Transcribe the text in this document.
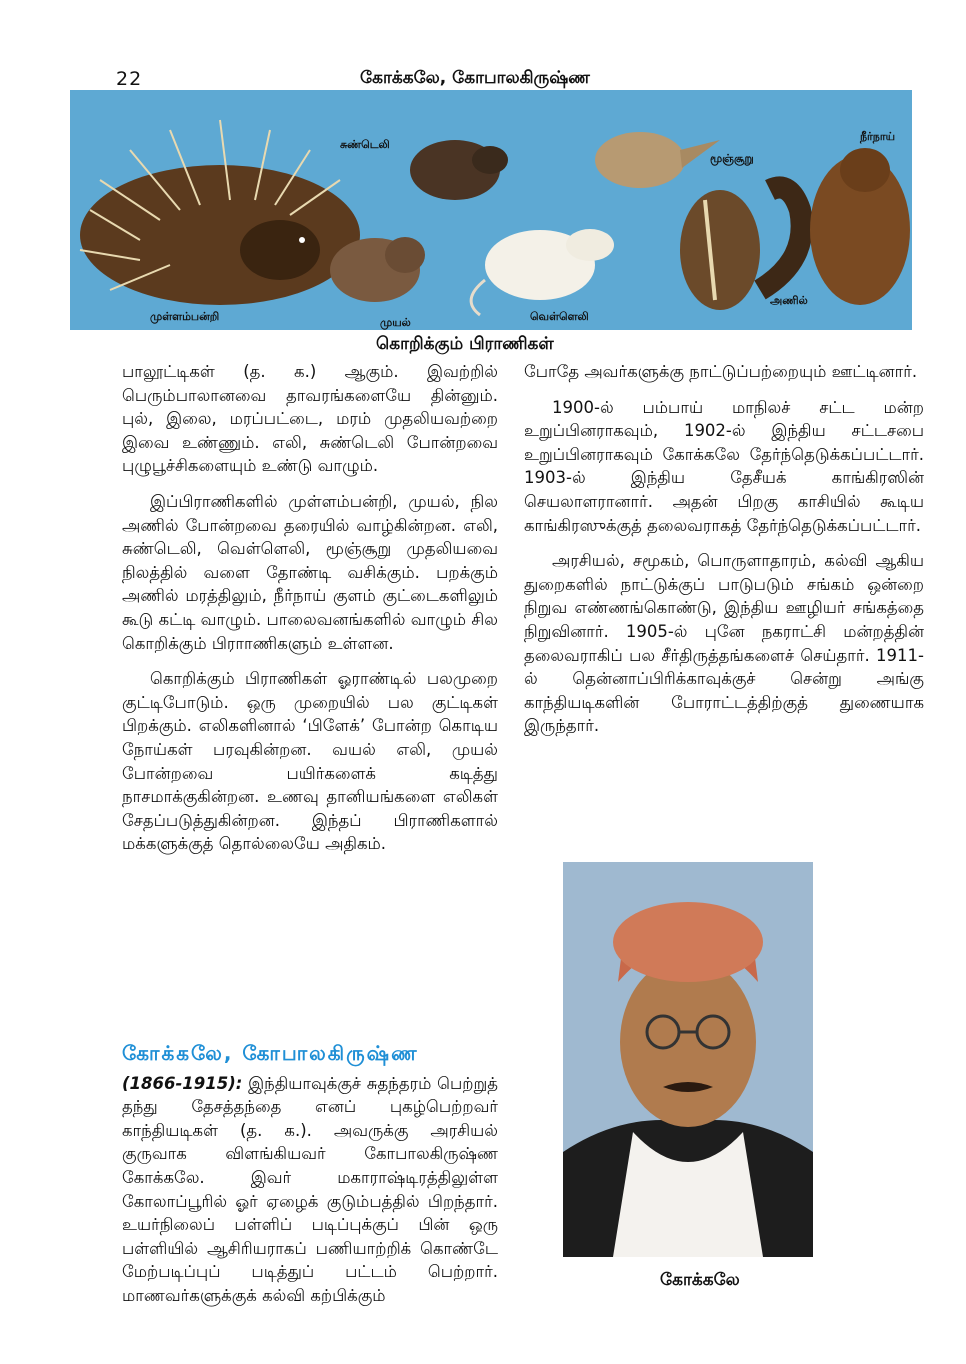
22	கோக்கலே, கோபாலகிருஷ்ண
முள்ளம்பன்றி	முயல்
சுண்டெலி
வெள்ளெலி
மூஞ்சூறு
அணில்
நீர்நாய்
கொறிக்கும் பிராணிகள்

பாலூட்டிகள் (த. க.) ஆகும். இவற்றில் பெரும்பாலானவை தாவரங்களையே தின்னும். புல், இலை, மரப்பட்டை, மரம் முதலியவற்றை இவை உண்ணும். எலி, சுண்டெலி போன்றவை புழுபூச்சிகளையும் உண்டு வாழும்.

இப்பிராணிகளில் முள்ளம்பன்றி, முயல், நில அணில் போன்றவை தரையில் வாழ்கின்றன. எலி, சுண்டெலி, வெள்ளெலி, மூஞ்சூறு முதலியவை நிலத்தில் வளை தோண்டி வசிக்கும். பறக்கும் அணில் மரத்திலும், நீர்நாய் குளம் குட்டைகளிலும் கூடு கட்டி வாழும். பாலைவனங்களில் வாழும் சில கொறிக்கும் பிராாணிகளும் உள்ளன.

கொறிக்கும் பிராணிகள் ஓராண்டில் பலமுறை குட்டிபோடும். ஒரு முறையில் பல குட்டிகள் பிறக்கும். எலிகளினால் ‘பிளேக்’ போன்ற கொடிய நோய்கள் பரவுகின்றன. வயல் எலி, முயல் போன்றவை பயிர்களைக் கடித்து நாசமாக்குகின்றன. உணவு தானியங்களை எலிகள் சேதப்படுத்துகின்றன. இந்தப் பிராணிகளால் மக்களுக்குத் தொல்லையே அதிகம்.

கோக்கலே, கோபாலகிருஷ்ண

(1866-1915): இந்தியாவுக்குச் சுதந்தரம் பெற்றுத் தந்து தேசத்தந்தை எனப் புகழ்பெற்றவர் காந்தியடிகள் (த. க.). அவருக்கு அரசியல் குருவாக விளங்கியவர் கோபாலகிருஷ்ண கோக்கலே. இவர் மகாராஷ்டிரத்திலுள்ள கோலாப்பூரில் ஓர் ஏழைக் குடும்பத்தில் பிறந்தார். உயர்நிலைப் பள்ளிப் படிப்புக்குப் பின் ஒரு பள்ளியில் ஆசிரியராகப் பணியாற்றிக் கொண்டே மேற்படிப்புப் படித்துப் பட்டம் பெற்றார். மாணவர்களுக்குக் கல்வி கற்பிக்கும்

போதே அவர்களுக்கு நாட்டுப்பற்றையும் ஊட்டினார்.

1900-ல் பம்பாய் மாநிலச் சட்ட மன்ற உறுப்பினராகவும், 1902-ல் இந்திய சட்டசபை உறுப்பினராகவும் கோக்கலே தேர்ந்தெடுக்கப்பட்டார். 1903-ல் இந்திய தேசீயக் காங்கிரஸின் செயலாளரானார். அதன் பிறகு காசியில் கூடிய காங்கிரஸுக்குத் தலைவராகத் தேர்ந்தெடுக்கப்பட்டார்.

அரசியல், சமூகம், பொருளாதாரம், கல்வி ஆகிய துறைகளில் நாட்டுக்குப் பாடுபடும் சங்கம் ஒன்றை நிறுவ எண்ணங்கொண்டு, இந்திய ஊழியர் சங்கத்தை நிறுவினார். 1905-ல் புனே நகராட்சி மன்றத்தின் தலைவராகிப் பல சீர்திருத்தங்களைச் செய்தார். 1911-ல் தென்னாப்பிரிக்காவுக்குச் சென்று அங்கு காந்தியடிகளின் போராட்டத்திற்குத் துணையாக இருந்தார்.

கோக்கலே
